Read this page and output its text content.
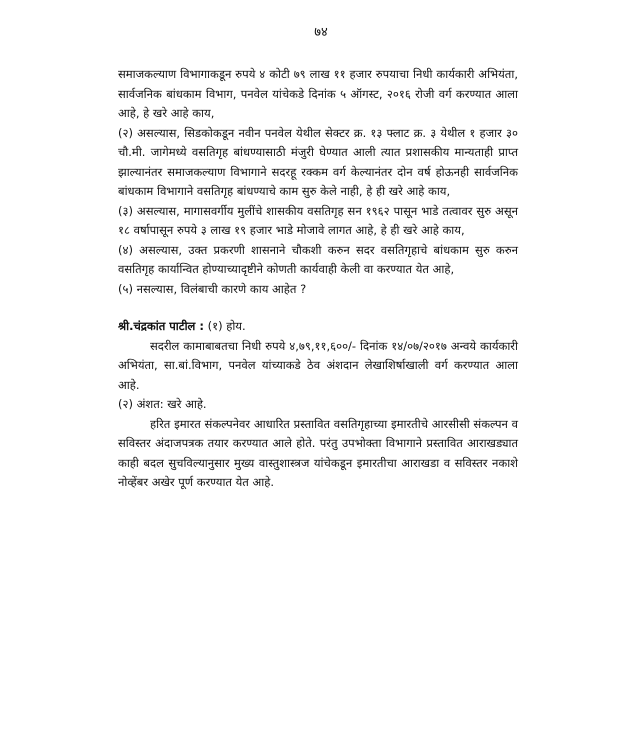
७४

समाजकल्याण विभागाकडून रुपये ४ कोटी ७९ लाख ११ हजार रुपयाचा निधी कार्यकारी अभियंता, सार्वजनिक बांधकाम विभाग, पनवेल यांचेकडे दिनांक ५ ऑगस्ट, २०१६ रोजी वर्ग करण्यात आला आहे, हे खरे आहे काय,

(२) असल्यास, सिडकोकडून नवीन पनवेल येथील सेक्टर क्र. १३ फ्लाट क्र. ३ येथील १ हजार ३० चौ.मी. जागेमध्ये वसतिगृह बांधण्यासाठी मंजुरी घेण्यात आली त्यात प्रशासकीय मान्यताही प्राप्त झाल्यानंतर समाजकल्याण विभागाने सदरहू रक्कम वर्ग केल्यानंतर दोन वर्ष होऊनही सार्वजनिक बांधकाम विभागाने वसतिगृह बांधण्याचे काम सुरु केले नाही, हे ही खरे आहे काय,

(३) असल्यास, मागासवर्गीय मुलींचे शासकीय वसतिगृह सन १९६२ पासून भाडे तत्वावर सुरु असून १८ वर्षापासून रुपये ३ लाख १९ हजार भाडे मोजावे लागत आहे, हे ही खरे आहे काय,

(४) असल्यास, उक्त प्रकरणी शासनाने चौकशी करुन सदर वसतिगृहाचे बांधकाम सुरु करुन वसतिगृह कार्यान्वित होण्याच्यादृष्टीने कोणती कार्यवाही केली वा करण्यात येत आहे,

(५) नसल्यास, विलंबाची कारणे काय आहेत ?

श्री.चंद्रकांत पाटील : (१) होय.

सदरील कामाबाबतचा निधी रुपये ४,७९,११,६००/- दिनांक १४/०७/२०१७ अन्वये कार्यकारी अभियंता, सा.बां.विभाग, पनवेल यांच्याकडे ठेव अंशदान लेखाशिर्षाखाली वर्ग करण्यात आला आहे.

(२) अंशत: खरे आहे.

हरित इमारत संकल्पनेवर आधारित प्रस्तावित वसतिगृहाच्या इमारतीचे आरसीसी संकल्पन व सविस्तर अंदाजपत्रक तयार करण्यात आले होते. परंतु उपभोक्ता विभागाने प्रस्तावित आराखड्यात काही बदल सुचविल्यानुसार मुख्य वास्तुशास्त्रज यांचेकडून इमारतीचा आराखडा व सविस्तर नकाशे नोव्हेंबर अखेर पूर्ण करण्यात येत आहे.
